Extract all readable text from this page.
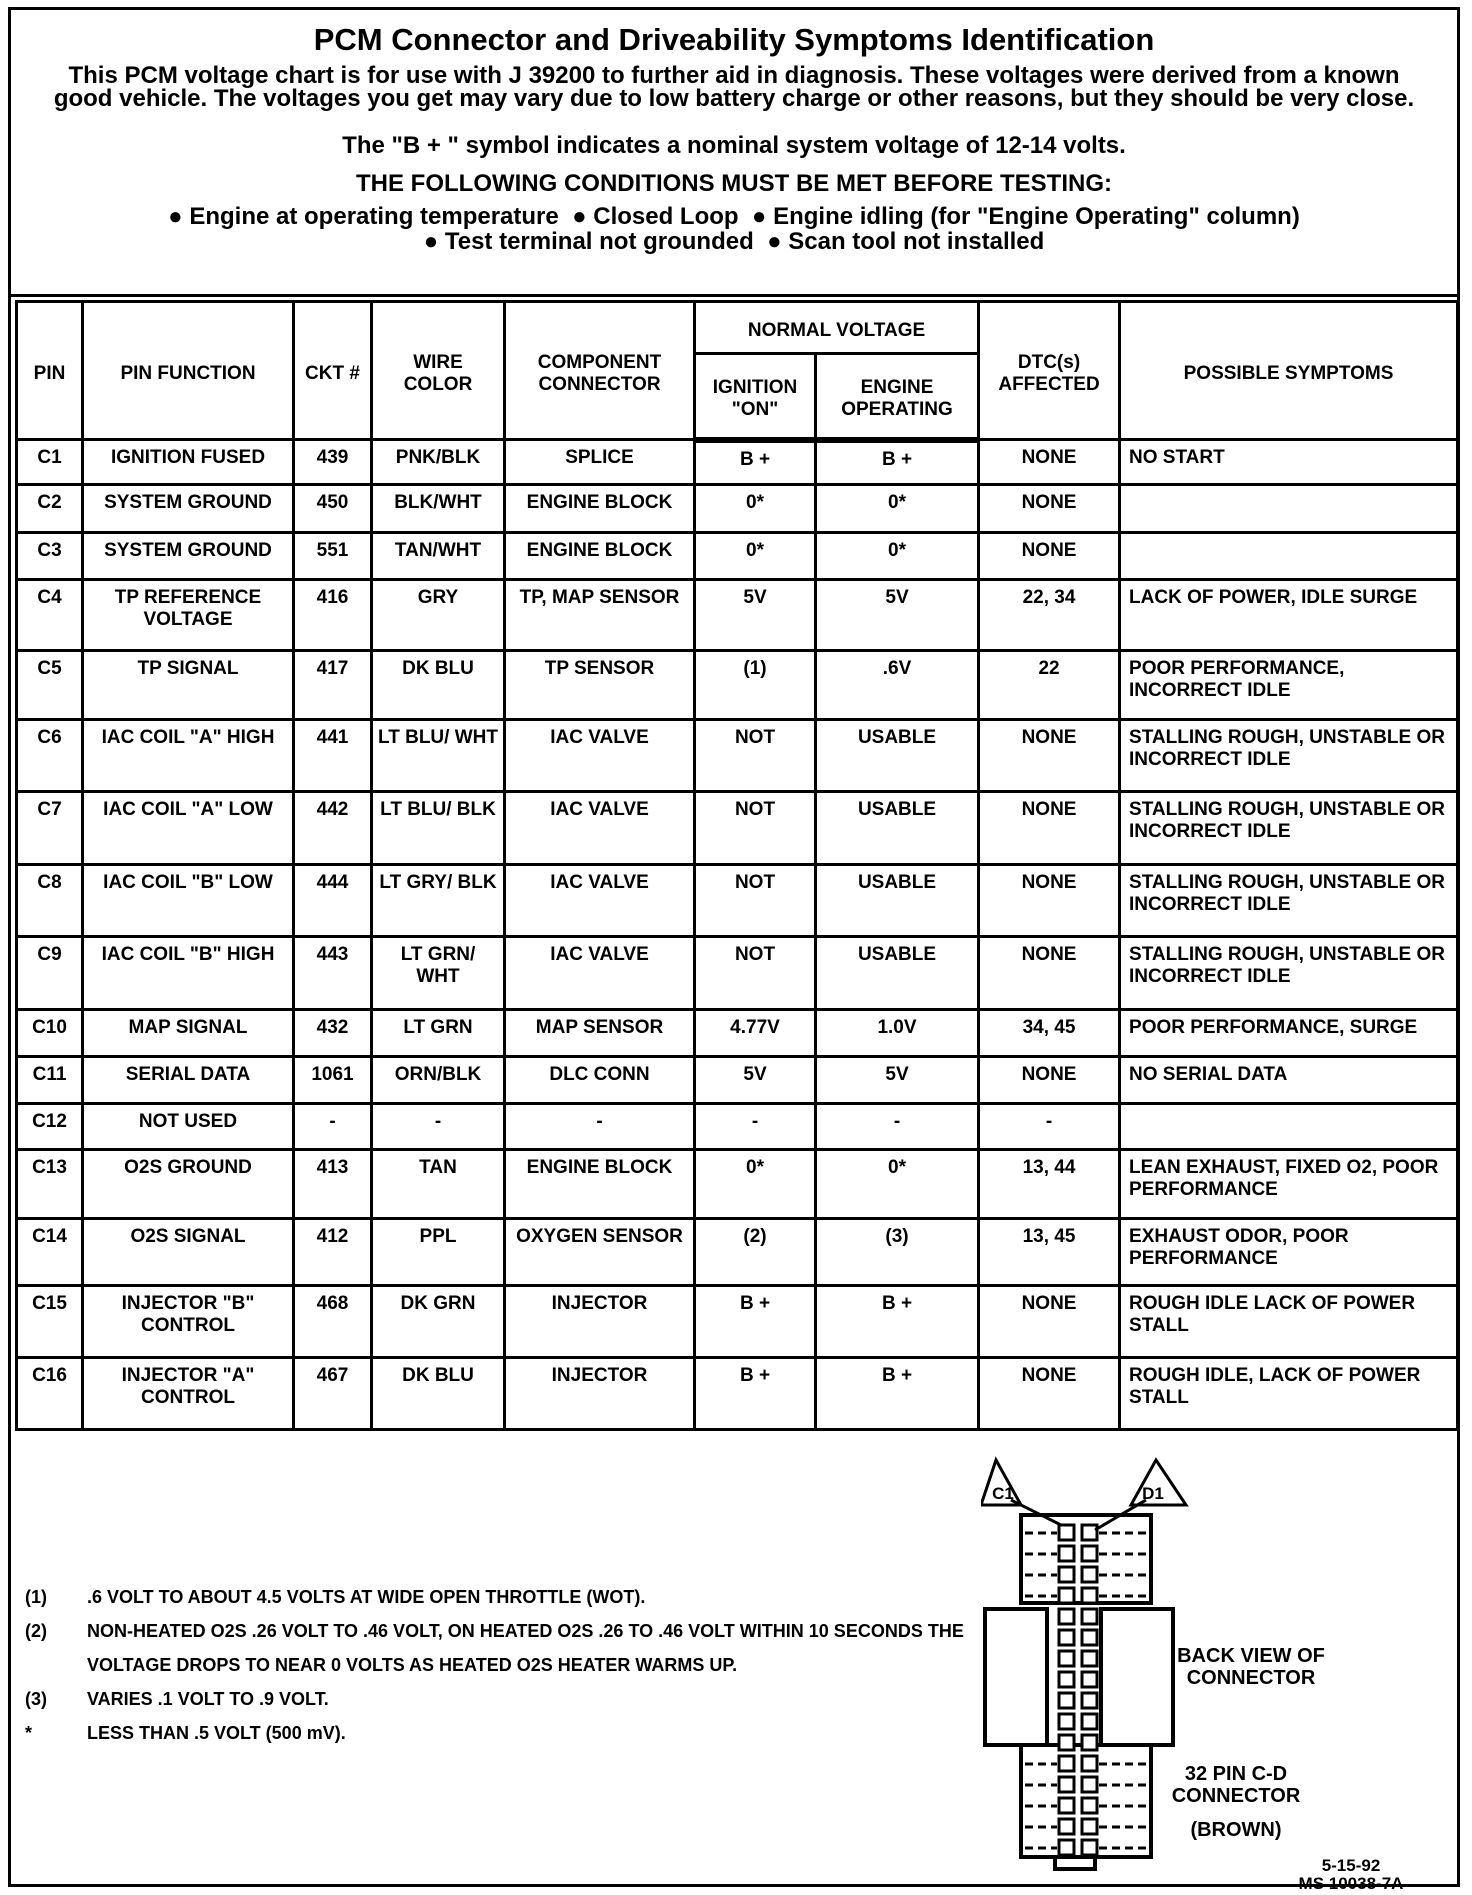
PCM Connector and Driveability Symptoms Identification
This PCM voltage chart is for use with J 39200 to further aid in diagnosis. These voltages were derived from a known good vehicle. The voltages you get may vary due to low battery charge or other reasons, but they should be very close.
The "B + " symbol indicates a nominal system voltage of 12-14 volts.
THE FOLLOWING CONDITIONS MUST BE MET BEFORE TESTING:
● Engine at operating temperature  ● Closed Loop  ● Engine idling (for "Engine Operating" column)
● Test terminal not grounded  ● Scan tool not installed
PIN	PIN FUNCTION	CKT #	WIRE COLOR	COMPONENT CONNECTOR	NORMAL VOLTAGE		DTC(s) AFFECTED	POSSIBLE SYMPTOMS
					IGNITION "ON"	ENGINE OPERATING		
C1	IGNITION FUSED	439	PNK/BLK	SPLICE	B +	B +	NONE	NO START
C2	SYSTEM GROUND	450	BLK/WHT	ENGINE BLOCK	0*	0*	NONE	
C3	SYSTEM GROUND	551	TAN/WHT	ENGINE BLOCK	0*	0*	NONE	
C4	TP REFERENCE VOLTAGE	416	GRY	TP, MAP SENSOR	5V	5V	22, 34	LACK OF POWER, IDLE SURGE
C5	TP SIGNAL	417	DK BLU	TP SENSOR	(1)	.6V	22	POOR PERFORMANCE, INCORRECT IDLE
C6	IAC COIL "A" HIGH	441	LT BLU/ WHT	IAC VALVE	NOT	USABLE	NONE	STALLING ROUGH, UNSTABLE OR INCORRECT IDLE
C7	IAC COIL "A" LOW	442	LT BLU/ BLK	IAC VALVE	NOT	USABLE	NONE	STALLING ROUGH, UNSTABLE OR INCORRECT IDLE
C8	IAC COIL "B" LOW	444	LT GRY/ BLK	IAC VALVE	NOT	USABLE	NONE	STALLING ROUGH, UNSTABLE OR INCORRECT IDLE
C9	IAC COIL "B" HIGH	443	LT GRN/ WHT	IAC VALVE	NOT	USABLE	NONE	STALLING ROUGH, UNSTABLE OR INCORRECT IDLE
C10	MAP SIGNAL	432	LT GRN	MAP SENSOR	4.77V	1.0V	34, 45	POOR PERFORMANCE, SURGE
C11	SERIAL DATA	1061	ORN/BLK	DLC CONN	5V	5V	NONE	NO SERIAL DATA
C12	NOT USED	-	-	-	-	-	-	
C13	O2S GROUND	413	TAN	ENGINE BLOCK	0*	0*	13, 44	LEAN EXHAUST, FIXED O2, POOR PERFORMANCE
C14	O2S SIGNAL	412	PPL	OXYGEN SENSOR	(2)	(3)	13, 45	EXHAUST ODOR, POOR PERFORMANCE
C15	INJECTOR "B" CONTROL	468	DK GRN	INJECTOR	B +	B +	NONE	ROUGH IDLE LACK OF POWER STALL
C16	INJECTOR "A" CONTROL	467	DK BLU	INJECTOR	B +	B +	NONE	ROUGH IDLE, LACK OF POWER STALL
(1)	.6 VOLT TO ABOUT 4.5 VOLTS AT WIDE OPEN THROTTLE (WOT).
(2)	NON-HEATED O2S .26 VOLT TO .46 VOLT, ON HEATED O2S .26 TO .46 VOLT WITHIN 10 SECONDS THE VOLTAGE DROPS TO NEAR 0 VOLTS AS HEATED O2S HEATER WARMS UP.
(3)	VARIES .1 VOLT TO .9 VOLT.
*	LESS THAN .5 VOLT (500 mV).
C1	D1
BACK VIEW OF CONNECTOR
32 PIN C-D CONNECTOR
(BROWN)
5-15-92
MS 10038-7A
